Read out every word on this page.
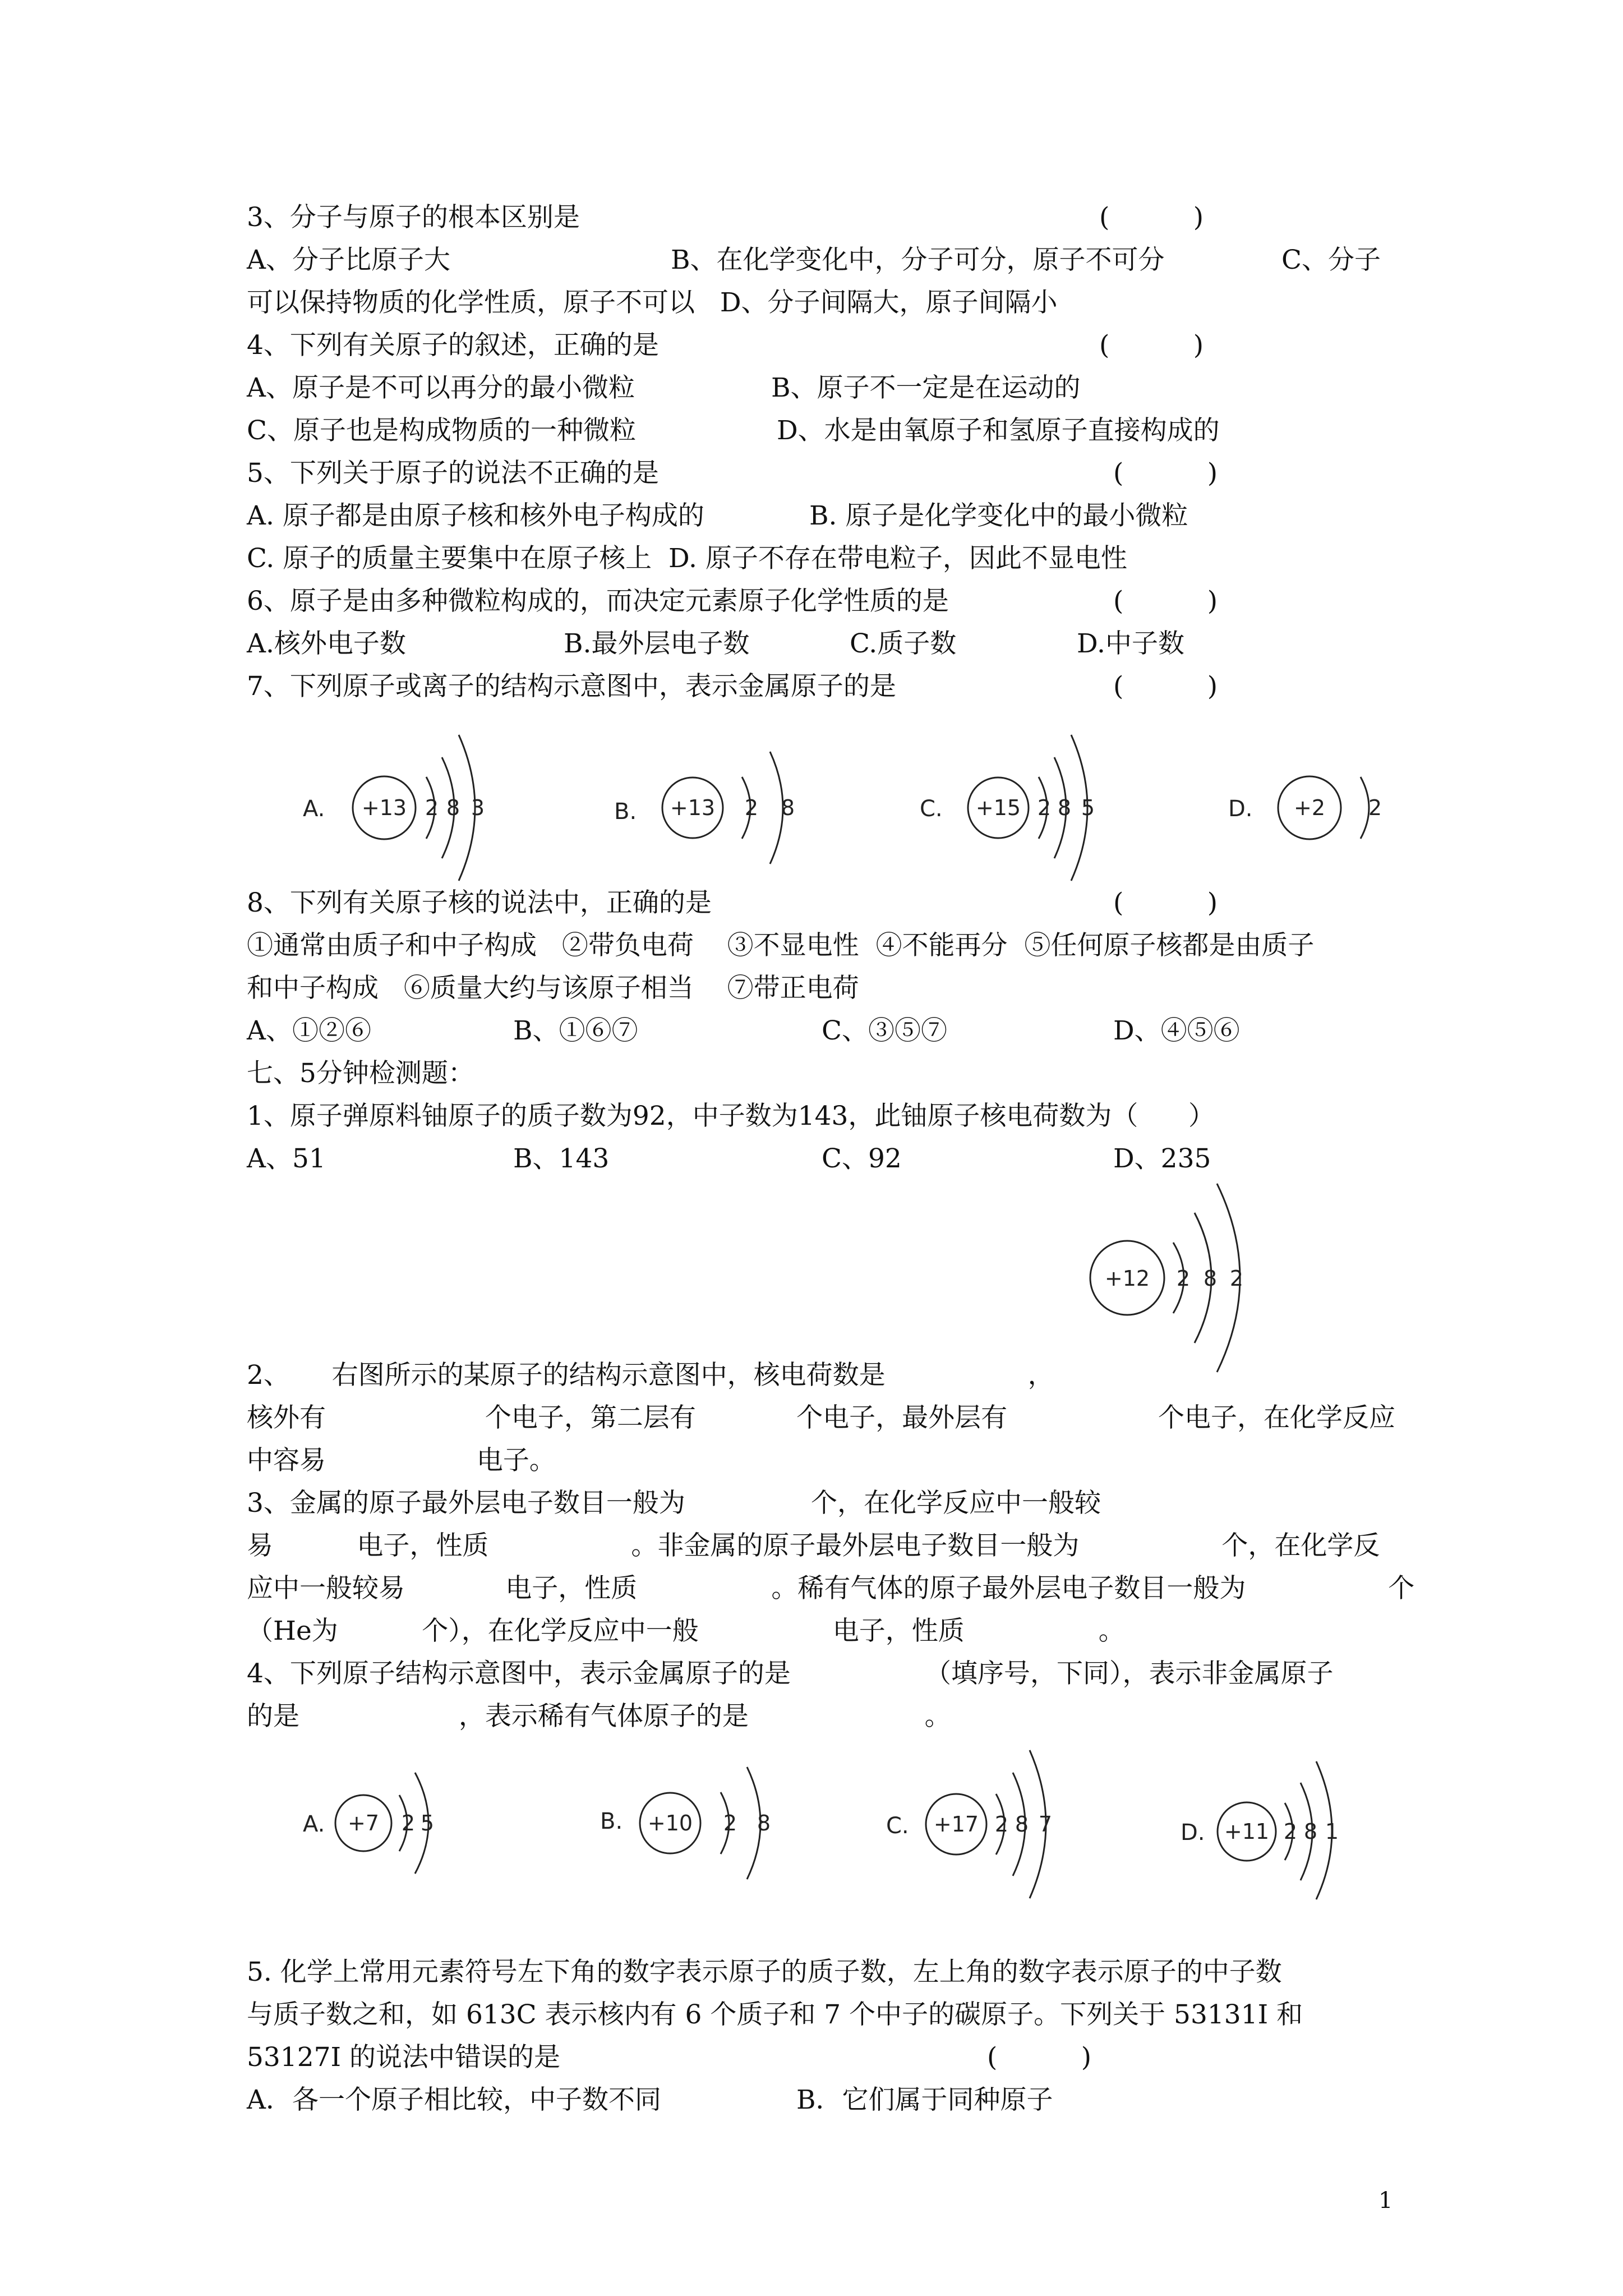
3、分子与原子的根本区别是	(          )
A、分子比原子大	B、在化学变化中，分子可分，原子不可分	C、分子
可以保持物质的化学性质，原子不可以   D、分子间隔大，原子间隔小
4、下列有关原子的叙述，正确的是	(          )
A、原子是不可以再分的最小微粒	B、原子不一定是在运动的
C、原子也是构成物质的一种微粒	D、水是由氧原子和氢原子直接构成的
5、下列关于原子的说法不正确的是	(          )
A. 原子都是由原子核和核外电子构成的	B. 原子是化学变化中的最小微粒
C. 原子的质量主要集中在原子核上  D. 原子不存在带电粒子，因此不显电性
6、原子是由多种微粒构成的，而决定元素原子化学性质的是	(          )
A.核外电子数	B.最外层电子数	C.质子数	D.中子数
7、下列原子或离子的结构示意图中，表示金属原子的是	(          )
A. +13 2 8 3	B. +13 2 8	C. +15 2 8 5	D. +2 2
8、下列有关原子核的说法中，正确的是	(          )
①通常由质子和中子构成   ②带负电荷    ③不显电性  ④不能再分  ⑤任何原子核都是由质子
和中子构成   ⑥质量大约与该原子相当    ⑦带正电荷
A、①②⑥	B、①⑥⑦	C、③⑤⑦	D、④⑤⑥
七、5分钟检测题：
1、原子弹原料铀原子的质子数为92，中子数为143，此铀原子核电荷数为（      ）
A、51	B、143	C、92	D、235
+12 2 8 2
2、     右图所示的某原子的结构示意图中，核电荷数是                 ，
核外有                   个电子，第二层有            个电子，最外层有                  个电子，在化学反应
中容易                  电子。
3、金属的原子最外层电子数目一般为               个，在化学反应中一般较
易          电子，性质                 。非金属的原子最外层电子数目一般为                 个，在化学反
应中一般较易            电子，性质                。稀有气体的原子最外层电子数目一般为                 个
（He为          个），在化学反应中一般                电子，性质                。
4、下列原子结构示意图中，表示金属原子的是                （填序号，下同），表示非金属原子
的是                   ，表示稀有气体原子的是                     。
A. +7 2 5	B. +10 2 8	C. +17 2 8 7	D. +11 2 8 1
5. 化学上常用元素符号左下角的数字表示原子的质子数，左上角的数字表示原子的中子数
与质子数之和，如 613C 表示核内有 6 个质子和 7 个中子的碳原子。下列关于 53131I 和
53127I 的说法中错误的是	(          )
A．各一个原子相比较，中子数不同	B．它们属于同种原子
1
